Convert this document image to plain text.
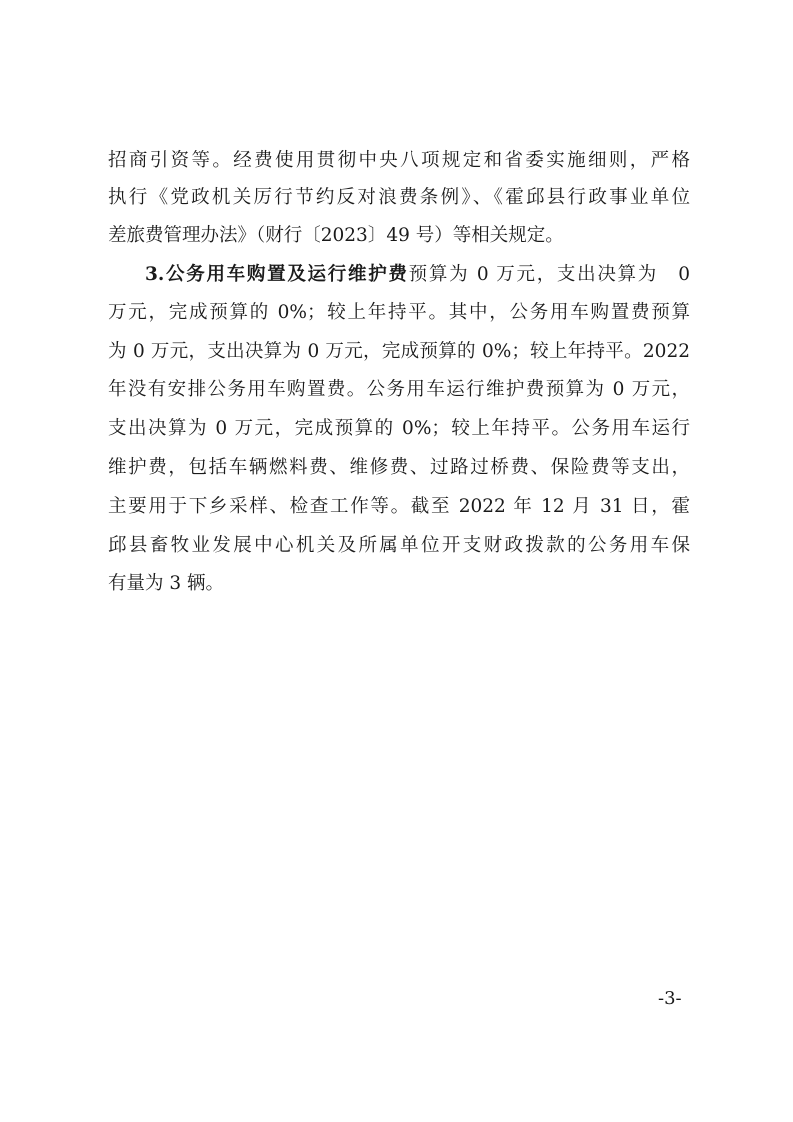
招商引资等。经费使用贯彻中央八项规定和省委实施细则，严格
执行《党政机关厉行节约反对浪费条例》、《霍邱县行政事业单位
差旅费管理办法》（财行〔2023〕49 号）等相关规定。
3.公务用车购置及运行维护费预算为 0 万元，支出决算为　0
万元，完成预算的 0%；较上年持平。其中，公务用车购置费预算
为 0 万元，支出决算为 0 万元，完成预算的 0%；较上年持平。2022
年没有安排公务用车购置费。公务用车运行维护费预算为 0 万元，
支出决算为 0 万元，完成预算的 0%；较上年持平。公务用车运行
维护费，包括车辆燃料费、维修费、过路过桥费、保险费等支出，
主要用于下乡采样、检查工作等。截至 2022 年 12 月 31 日，霍
邱县畜牧业发展中心机关及所属单位开支财政拨款的公务用车保
有量为 3 辆。
-3-
